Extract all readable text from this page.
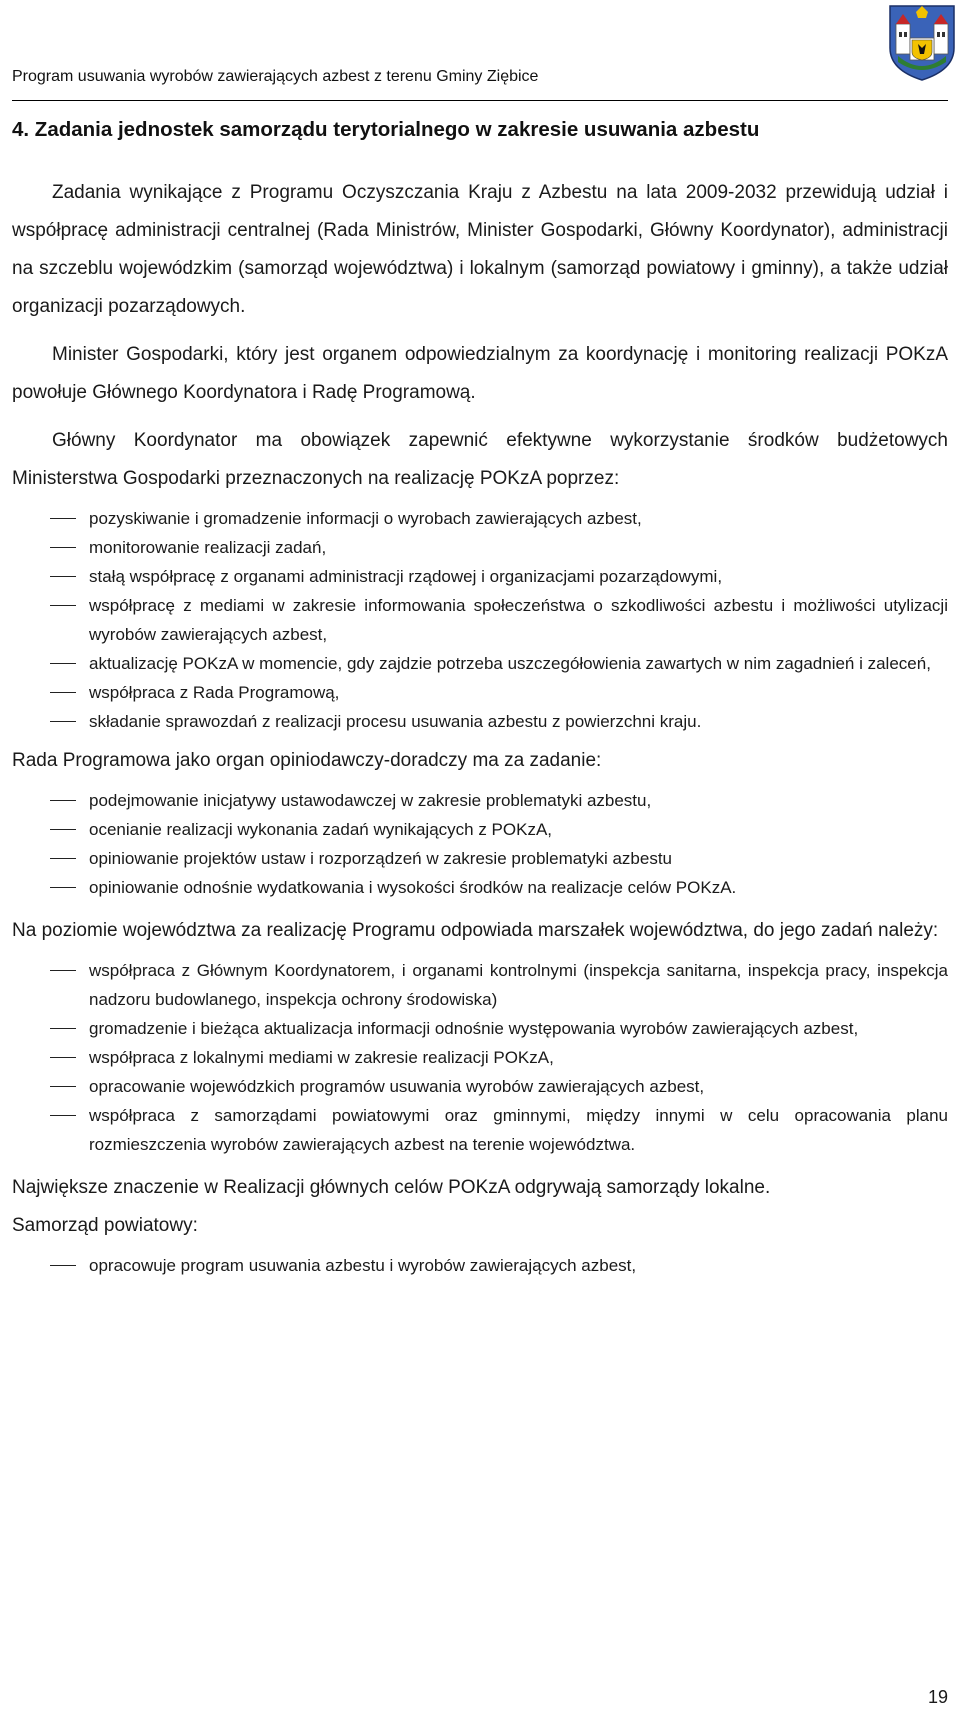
Program usuwania wyrobów zawierających azbest z terenu Gminy Ziębice
4. Zadania jednostek samorządu terytorialnego w zakresie usuwania azbestu

Zadania wynikające z Programu Oczyszczania Kraju z Azbestu na lata 2009-2032 przewidują udział i współpracę administracji centralnej (Rada Ministrów, Minister Gospodarki, Główny Koordynator), administracji na szczeblu wojewódzkim (samorząd województwa) i lokalnym (samorząd powiatowy i gminny), a także udział organizacji pozarządowych.

Minister Gospodarki, który jest organem odpowiedzialnym za koordynację i monitoring realizacji POKzA powołuje Głównego Koordynatora i Radę Programową.

Główny Koordynator ma obowiązek zapewnić efektywne wykorzystanie środków budżetowych Ministerstwa Gospodarki przeznaczonych na realizację POKzA poprzez:

pozyskiwanie i gromadzenie informacji o wyrobach zawierających azbest,
monitorowanie realizacji zadań,
stałą współpracę z organami administracji rządowej i organizacjami pozarządowymi,
współpracę z mediami w zakresie informowania społeczeństwa o szkodliwości azbestu i możliwości utylizacji wyrobów zawierających azbest,
aktualizację POKzA w momencie, gdy zajdzie potrzeba uszczegółowienia zawartych w nim zagadnień i zaleceń,
współpraca z Rada Programową,
składanie sprawozdań z realizacji procesu usuwania azbestu z powierzchni kraju.

Rada Programowa jako organ opiniodawczy-doradczy ma za zadanie:

podejmowanie inicjatywy ustawodawczej w zakresie problematyki azbestu,
ocenianie realizacji wykonania zadań wynikających z POKzA,
opiniowanie projektów ustaw i rozporządzeń w zakresie problematyki azbestu
opiniowanie odnośnie wydatkowania i wysokości środków na realizacje celów POKzA.

Na poziomie województwa za realizację Programu odpowiada marszałek województwa, do jego zadań należy:

współpraca z Głównym Koordynatorem, i organami kontrolnymi (inspekcja sanitarna, inspekcja pracy, inspekcja nadzoru budowlanego, inspekcja ochrony środowiska)
gromadzenie i bieżąca aktualizacja informacji odnośnie występowania wyrobów zawierających azbest,
współpraca z lokalnymi mediami w zakresie realizacji POKzA,
opracowanie wojewódzkich programów usuwania wyrobów zawierających azbest,
współpraca z samorządami powiatowymi oraz gminnymi, między innymi w celu opracowania planu rozmieszczenia wyrobów zawierających azbest na terenie województwa.

Największe znaczenie w Realizacji głównych celów POKzA odgrywają samorządy lokalne.

Samorząd powiatowy:

opracowuje program usuwania azbestu i wyrobów zawierających azbest,
19
